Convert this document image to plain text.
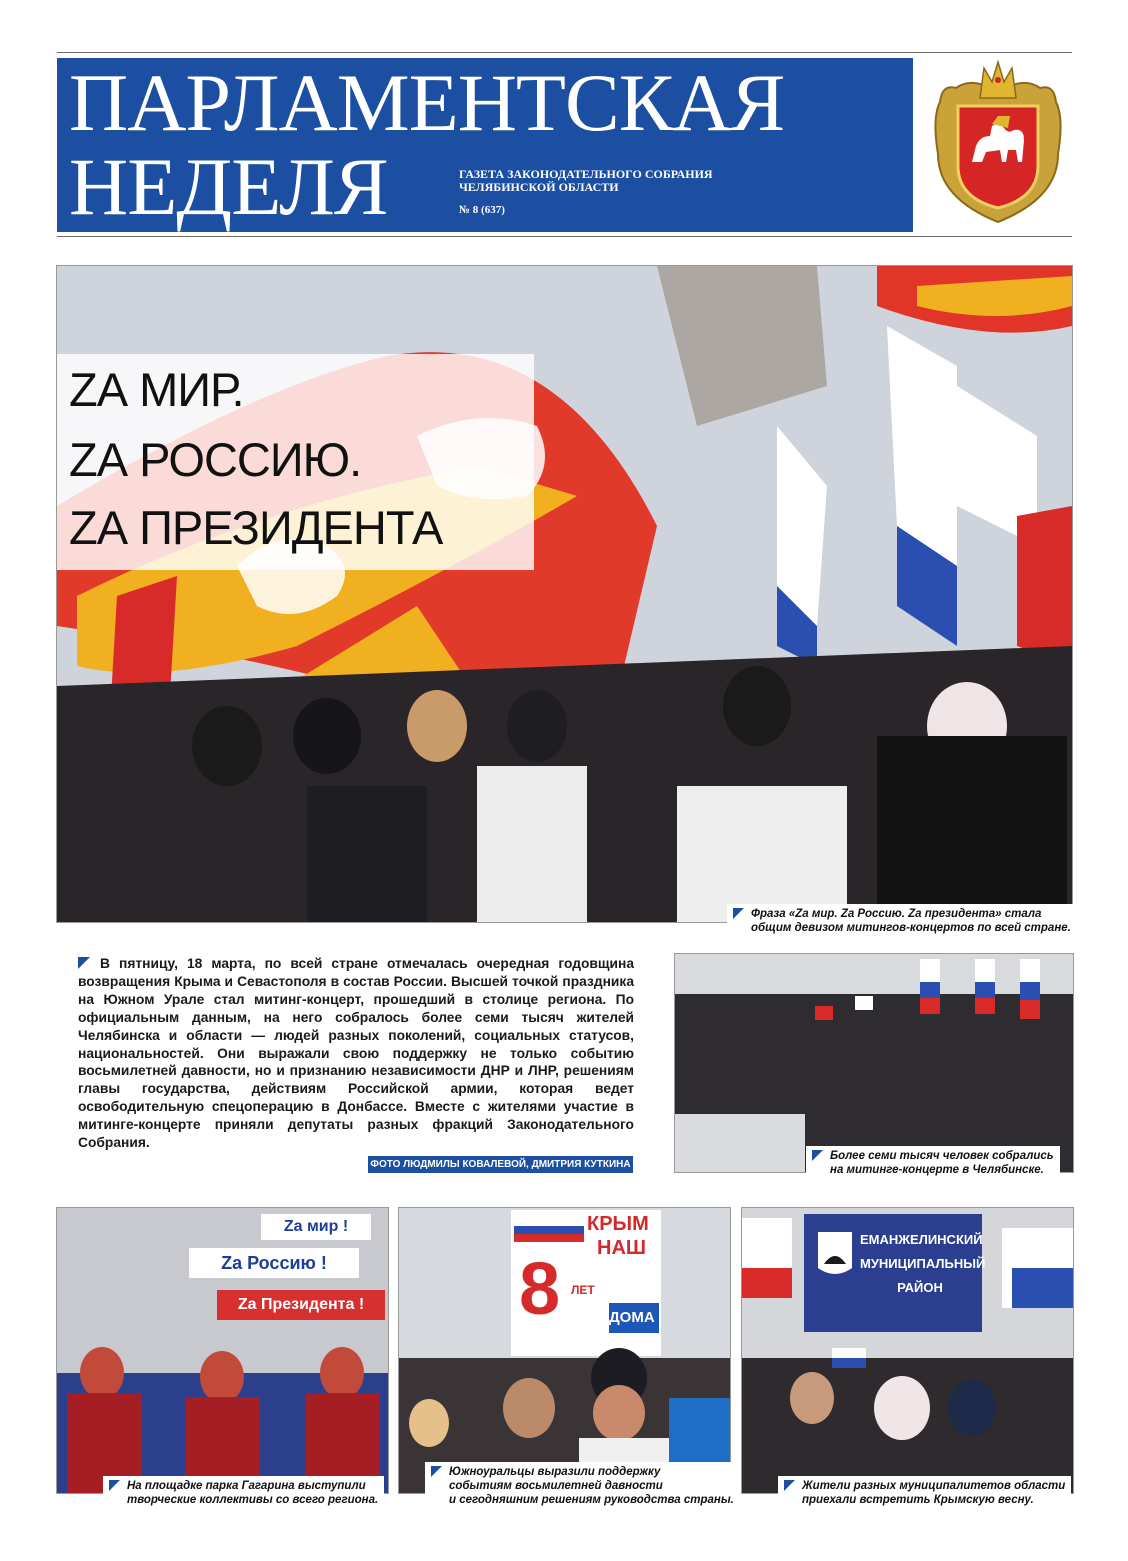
ПАРЛАМЕНТСКАЯ
НЕДЕЛЯ	ГАЗЕТА ЗАКОНОДАТЕЛЬНОГО СОБРАНИЯ
ЧЕЛЯБИНСКОЙ ОБЛАСТИ
№ 8 (637)
ZА МИР.
ZА РОССИЮ.
ZА ПРЕЗИДЕНТА
Фраза «Zа мир. Zа Россию. Zа президента» стала
общим девизом митингов-концертов по всей стране.
В пятницу, 18 марта, по всей стране отмечалась очередная годовщина возвращения Крыма и Севастополя в состав России. Высшей точкой праздника на Южном Урале стал митинг-концерт, прошедший в столице региона. По официальным данным, на него собралось более семи тысяч жителей Челябинска и области — людей разных поколений, социальных статусов, национальностей. Они выражали свою поддержку не только событию восьмилетней давности, но и признанию независимости ДНР и ЛНР, решениям главы государства, действиям Российской армии, которая ведет освободительную спецоперацию в Донбассе. Вместе с жителями участие в митинге-концерте приняли депутаты разных фракций Законодательного Собрания.
ФОТО ЛЮДМИЛЫ КОВАЛЕВОЙ, ДМИТРИЯ КУТКИНА
Более семи тысяч человек собрались
на митинге-концерте в Челябинске.
Zа мир !
Zа Россию !
Zа Президента !
На площадке парка Гагарина выступили
творческие коллективы со всего региона.
КРЫМ
НАШ
8 ЛЕТ
ДОМА
Южноуральцы выразили поддержку
событиям восьмилетней давности
и сегодняшним решениям руководства страны.
ЕМАНЖЕЛИНСКИЙ
МУНИЦИПАЛЬНЫЙ
РАЙОН
Жители разных муниципалитетов области
приехали встретить Крымскую весну.
